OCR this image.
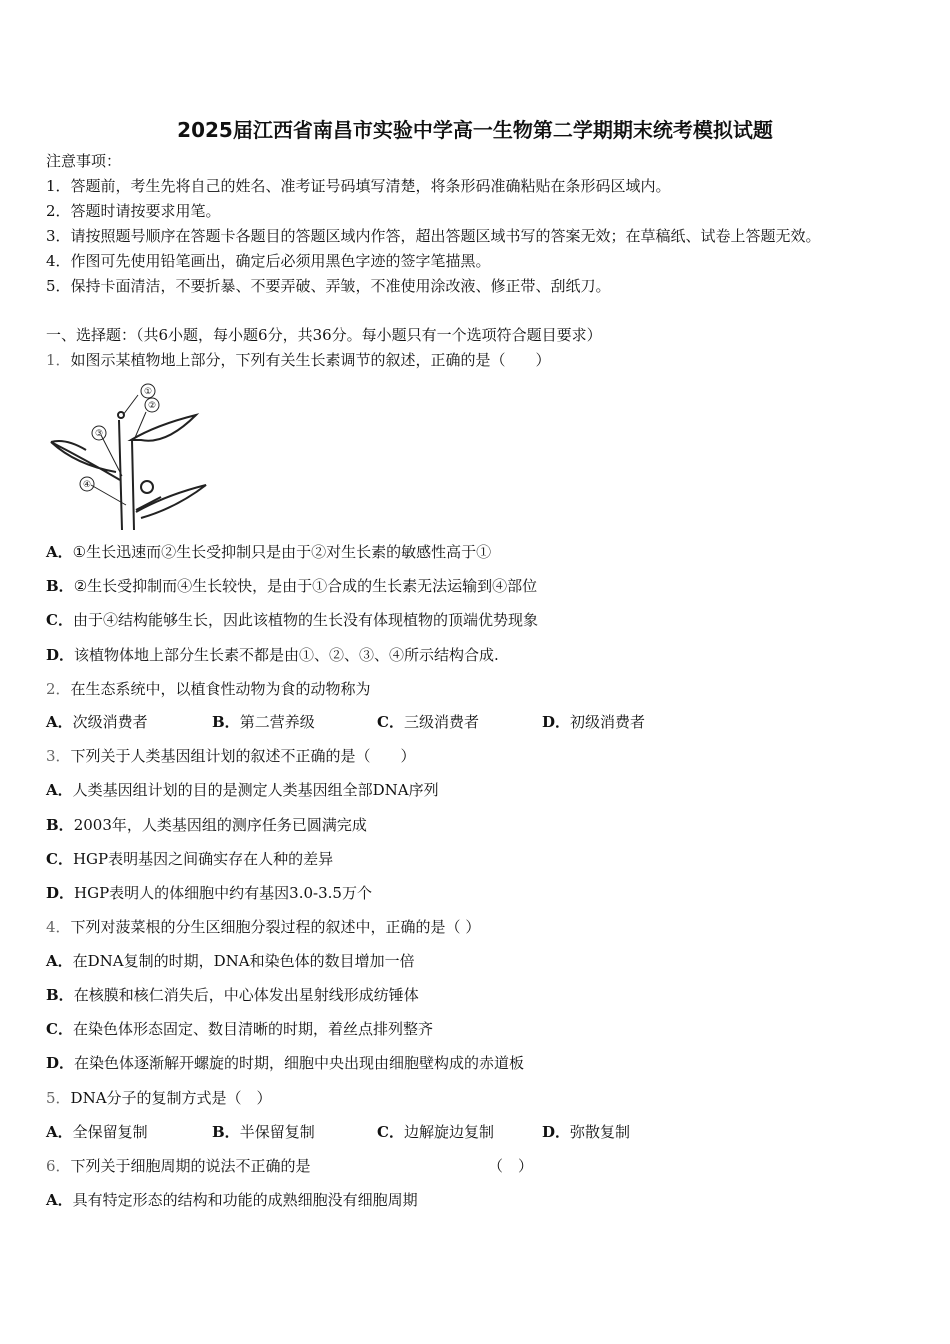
2025届江西省南昌市实验中学高一生物第二学期期末统考模拟试题
注意事项：
1．答题前，考生先将自己的姓名、准考证号码填写清楚，将条形码准确粘贴在条形码区域内。
2．答题时请按要求用笔。
3．请按照题号顺序在答题卡各题目的答题区域内作答，超出答题区域书写的答案无效；在草稿纸、试卷上答题无效。
4．作图可先使用铅笔画出，确定后必须用黑色字迹的签字笔描黑。
5．保持卡面清洁，不要折暴、不要弄破、弄皱，不准使用涂改液、修正带、刮纸刀。
一、选择题：（共6小题，每小题6分，共36分。每小题只有一个选项符合题目要求）
1．如图示某植物地上部分，下列有关生长素调节的叙述，正确的是（　　）
①
②
③
④
A．①生长迅速而②生长受抑制只是由于②对生长素的敏感性高于①
B．②生长受抑制而④生长较快，是由于①合成的生长素无法运输到④部位
C．由于④结构能够生长，因此该植物的生长没有体现植物的顶端优势现象
D．该植物体地上部分生长素不都是由①、②、③、④所示结构合成.
2．在生态系统中，以植食性动物为食的动物称为
A．次级消费者	B．第二营养级	C．三级消费者	D．初级消费者
3．下列关于人类基因组计划的叙述不正确的是（　　）
A．人类基因组计划的目的是测定人类基因组全部DNA序列
B．2003年，人类基因组的测序任务已圆满完成
C．HGP表明基因之间确实存在人种的差异
D．HGP表明人的体细胞中约有基因3.0-3.5万个
4．下列对菠菜根的分生区细胞分裂过程的叙述中，正确的是（ ）
A．在DNA复制的时期，DNA和染色体的数目增加一倍
B．在核膜和核仁消失后，中心体发出星射线形成纺锤体
C．在染色体形态固定、数目清晰的时期，着丝点排列整齐
D．在染色体逐渐解开螺旋的时期，细胞中央出现由细胞壁构成的赤道板
5．DNA分子的复制方式是（　）
A．全保留复制	B．半保留复制	C．边解旋边复制	D．弥散复制
6．下列关于细胞周期的说法不正确的是	（　）
A．具有特定形态的结构和功能的成熟细胞没有细胞周期
